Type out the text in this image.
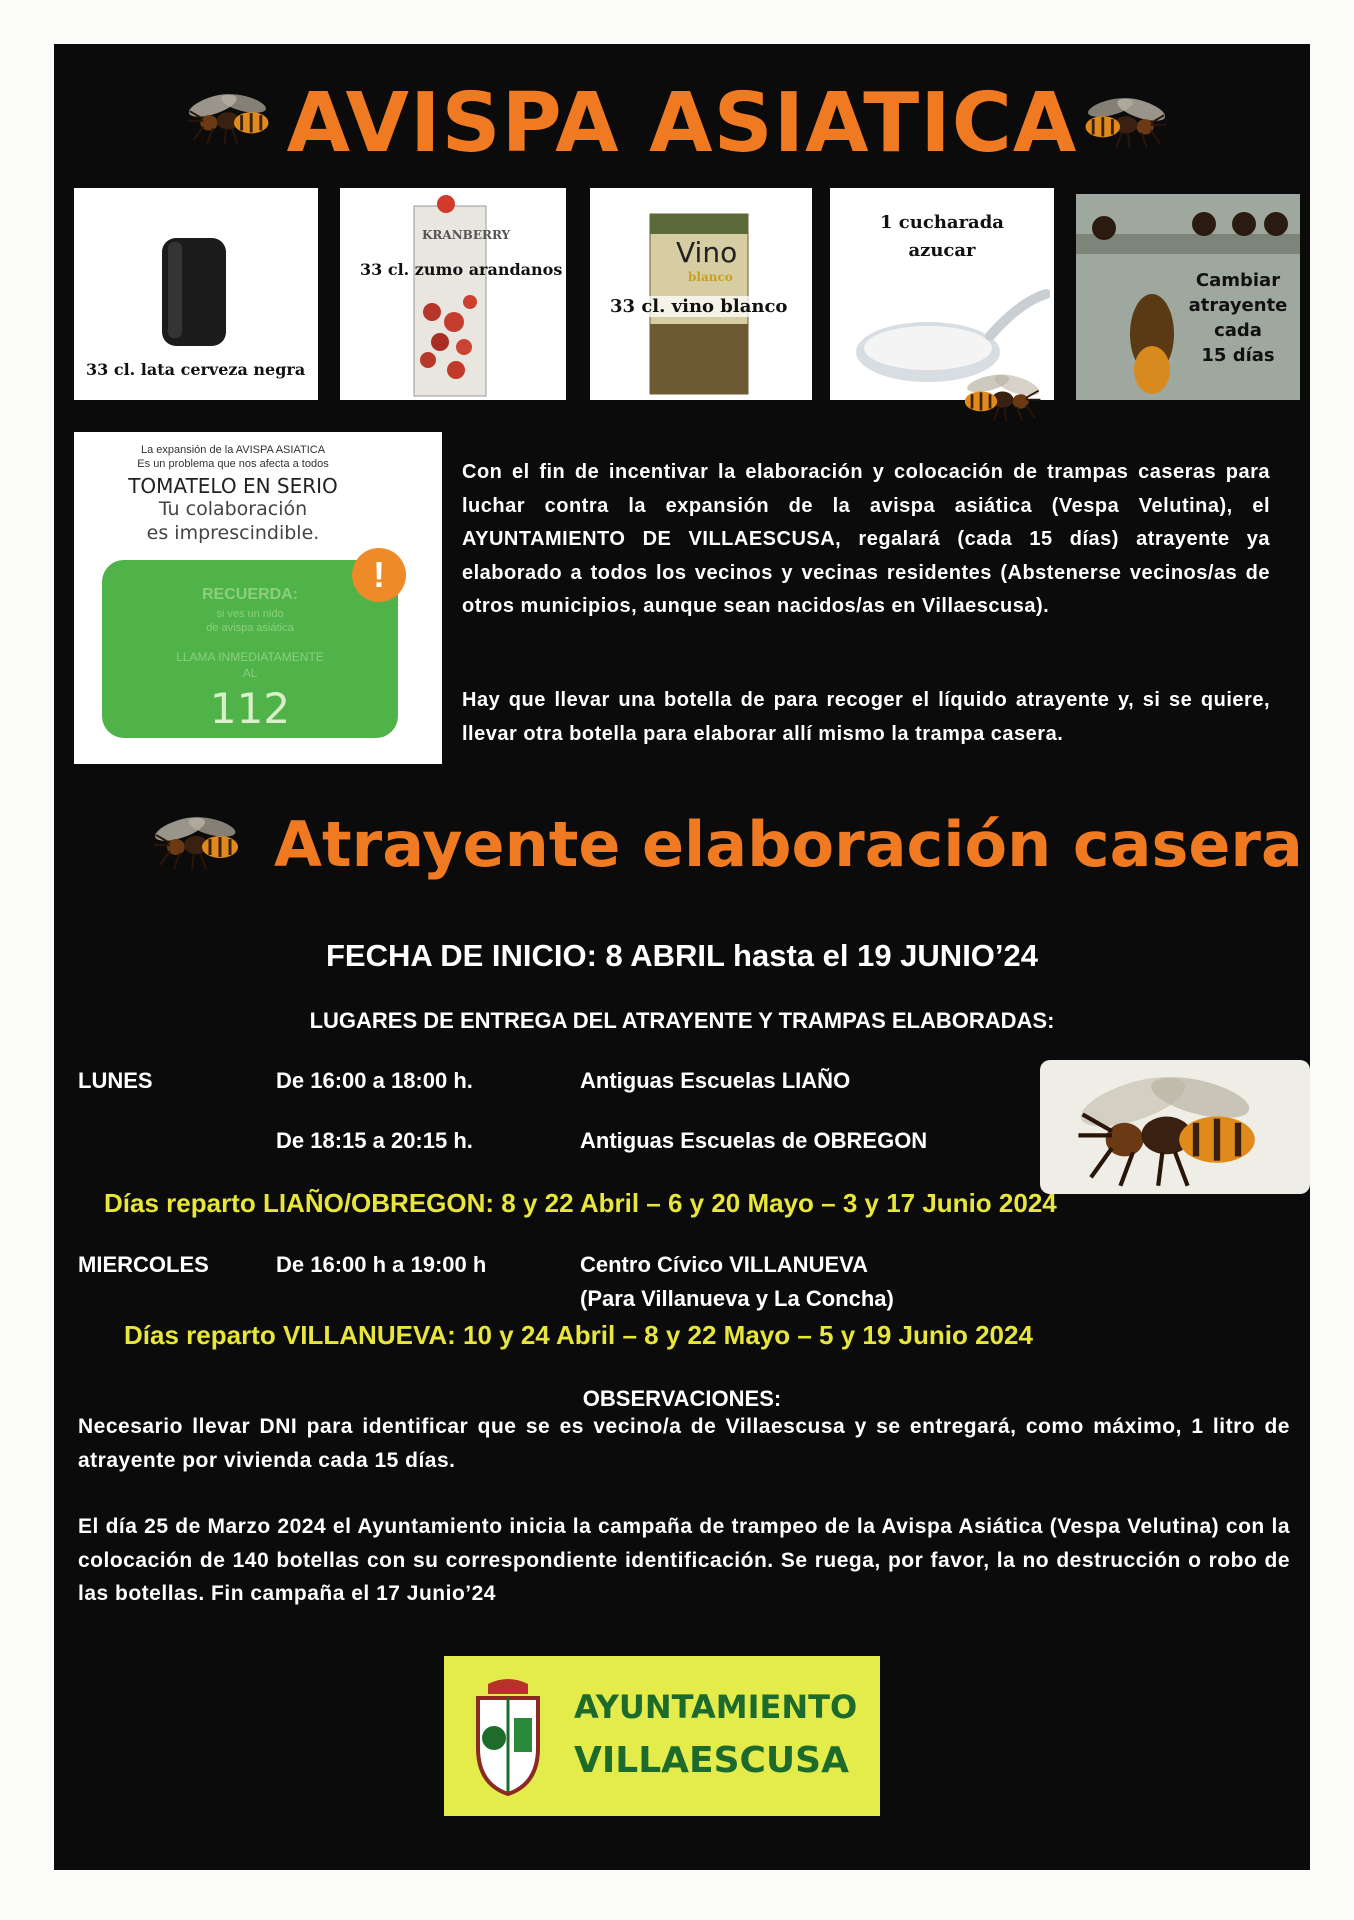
AVISPA ASIATICA
33 cl. lata cerveza negra
KRANBERRY
33 cl. zumo arandanos
Vino
blanco
33 cl. vino blanco
1 cucharada
azucar
Cambiar
atrayente
cada
15 días
La expansión de la AVISPA ASIATICA
Es un problema que nos afecta a todos
TOMATELO EN SERIO
Tu colaboración
es imprescindible.
RECUERDA:
si ves un nido
de avispa asiática
LLAMA INMEDIATAMENTE
AL
112
!
Con el fin de incentivar la elaboración y colocación de trampas caseras para luchar contra la expansión de la avispa asiática (Vespa Velutina), el AYUNTAMIENTO DE VILLAESCUSA, regalará (cada 15 días) atrayente ya elaborado a todos los vecinos y vecinas residentes (Abstenerse vecinos/as de otros municipios, aunque sean nacidos/as en Villaescusa).
Hay que llevar una botella de para recoger el líquido atrayente y, si se quiere, llevar otra botella para elaborar allí mismo la trampa casera.
Atrayente elaboración casera
FECHA DE INICIO: 8 ABRIL hasta el 19 JUNIO’24
LUGARES DE ENTREGA DEL ATRAYENTE Y TRAMPAS ELABORADAS:
LUNES	De 16:00 a 18:00 h.	Antiguas Escuelas LIAÑO
De 18:15 a 20:15 h.	Antiguas Escuelas de OBREGON
Días reparto LIAÑO/OBREGON: 8 y 22 Abril – 6 y 20 Mayo – 3 y 17 Junio 2024
MIERCOLES	De 16:00 h a 19:00 h	Centro Cívico VILLANUEVA
(Para Villanueva y La Concha)
Días reparto VILLANUEVA: 10 y 24 Abril – 8 y 22 Mayo – 5 y 19 Junio 2024
OBSERVACIONES:
Necesario llevar DNI para identificar que se es vecino/a de Villaescusa y se entregará, como máximo, 1 litro de atrayente por vivienda cada 15 días.
El día 25 de Marzo 2024 el Ayuntamiento inicia la campaña de trampeo de la Avispa Asiática (Vespa Velutina) con la colocación de 140 botellas con su correspondiente identificación. Se ruega, por favor, la no destrucción o robo de las botellas. Fin campaña el 17 Junio’24
AYUNTAMIENTO
VILLAESCUSA
